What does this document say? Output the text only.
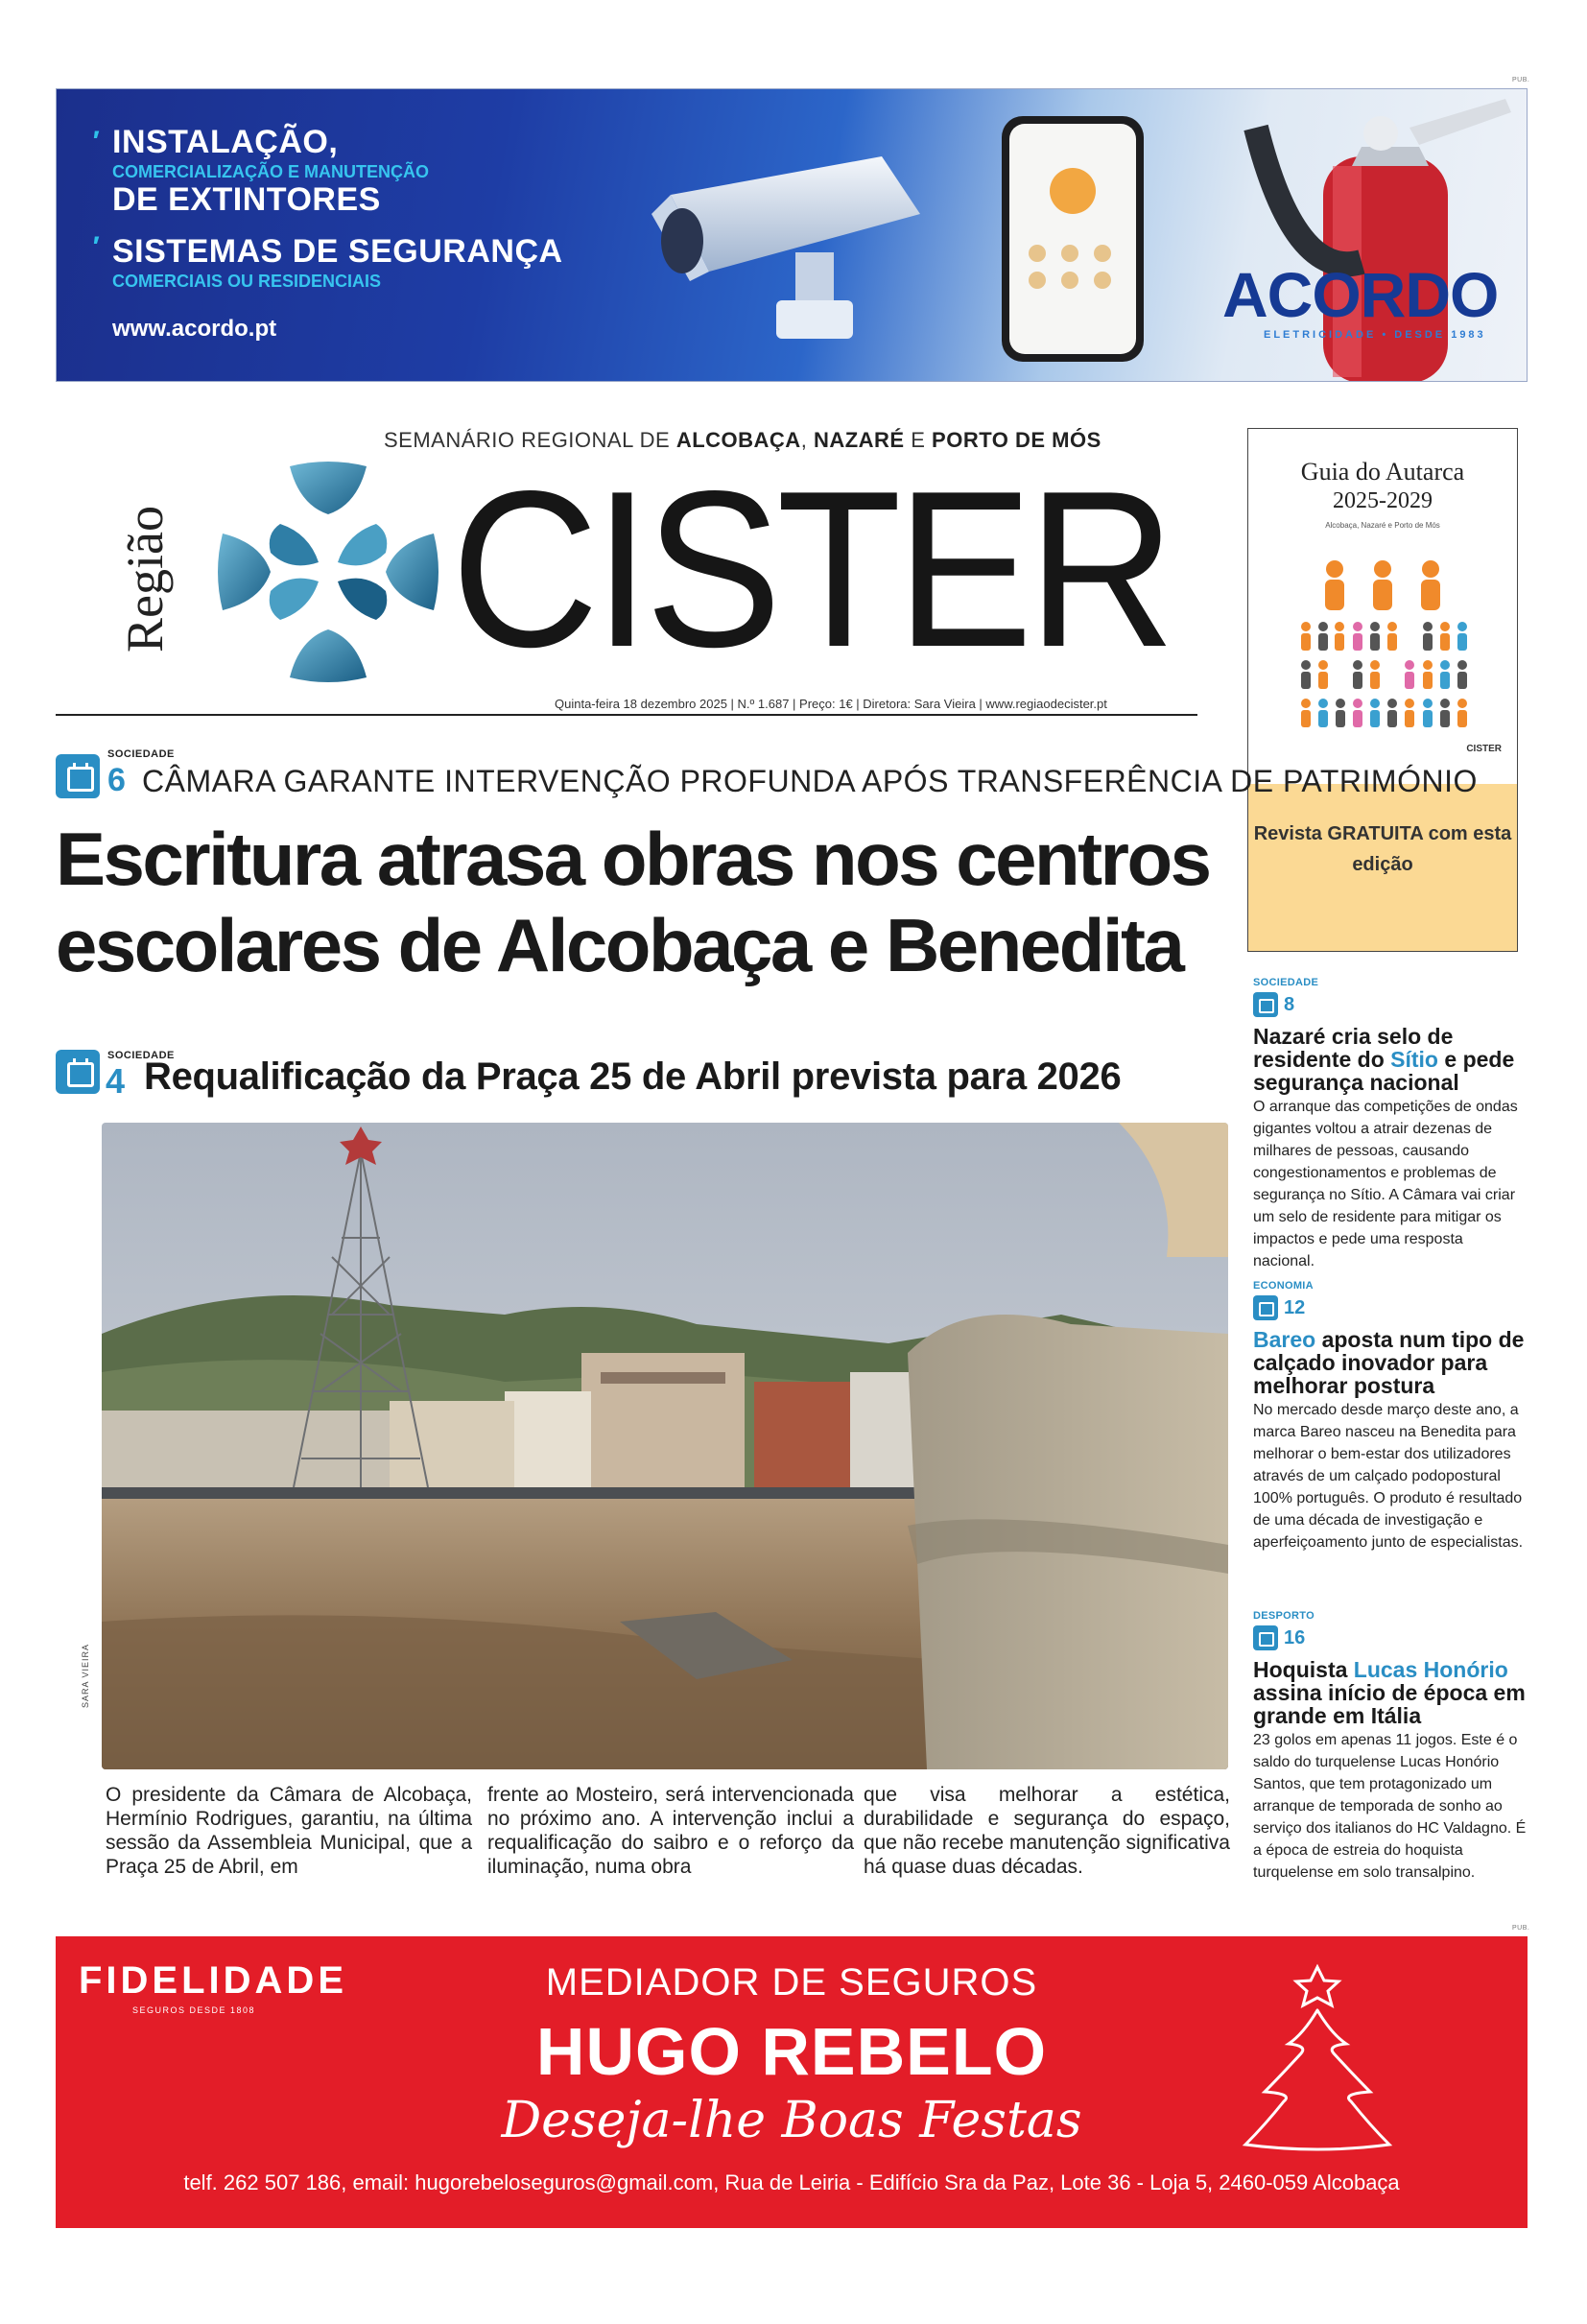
PUB.
′ INSTALAÇÃO,
COMERCIALIZAÇÃO E MANUTENÇÃO
DE EXTINTORES
′ SISTEMAS DE SEGURANÇA
COMERCIAIS OU RESIDENCIAIS
www.acordo.pt	ACORDO
ELETRICIDADE • DESDE 1983
SEMANÁRIO REGIONAL DE ALCOBAÇA, NAZARÉ E PORTO DE MÓS
Região CISTER
Quinta-feira 18 dezembro 2025 | N.º 1.687 | Preço: 1€ | Diretora: Sara Vieira | www.regiaodecister.pt
Guia do Autarca
2025-2029
Alcobaça, Nazaré e Porto de Mós
CISTER
Revista GRATUITA com esta edição
SOCIEDADE
6 CÂMARA GARANTE INTERVENÇÃO PROFUNDA APÓS TRANSFERÊNCIA DE PATRIMÓNIO
Escritura atrasa obras nos centros escolares de Alcobaça e Benedita
SOCIEDADE
4 Requalificação da Praça 25 de Abril prevista para 2026
SARA VIEIRA

O presidente da Câmara de Alcobaça, Hermínio Rodrigues, garantiu, na última sessão da Assembleia Municipal, que a Praça 25 de Abril, em

frente ao Mosteiro, será intervencionada no próximo ano. A intervenção inclui a requalificação do saibro e o reforço da iluminação, numa obra

que visa melhorar a estética, durabilidade e segurança do espaço, que não recebe manutenção significativa há quase duas décadas.

SOCIEDADE
8
Nazaré cria selo de residente do Sítio e pede segurança nacional
O arranque das competições de ondas gigantes voltou a atrair dezenas de milhares de pessoas, causando congestionamentos e problemas de segurança no Sítio. A Câmara vai criar um selo de residente para mitigar os impactos e pede uma resposta nacional.
ECONOMIA
12
Bareo aposta num tipo de calçado inovador para melhorar postura
No mercado desde março deste ano, a marca Bareo nasceu na Benedita para melhorar o bem-estar dos utilizadores através de um calçado podopostural 100% português. O produto é resultado de uma década de investigação e aperfeiçoamento junto de especialistas.
DESPORTO
16
Hoquista Lucas Honório assina início de época em grande em Itália
23 golos em apenas 11 jogos. Este é o saldo do turquelense Lucas Honório Santos, que tem protagonizado um arranque de temporada de sonho ao serviço dos italianos do HC Valdagno. É a época de estreia do hoquista turquelense em solo transalpino.
PUB.
FIDELIDADE
SEGUROS DESDE 1808
MEDIADOR DE SEGUROS
HUGO REBELO
Deseja-lhe Boas Festas
telf. 262 507 186, email: hugorebeloseguros@gmail.com, Rua de Leiria - Edifício Sra da Paz, Lote 36 - Loja 5, 2460-059 Alcobaça
